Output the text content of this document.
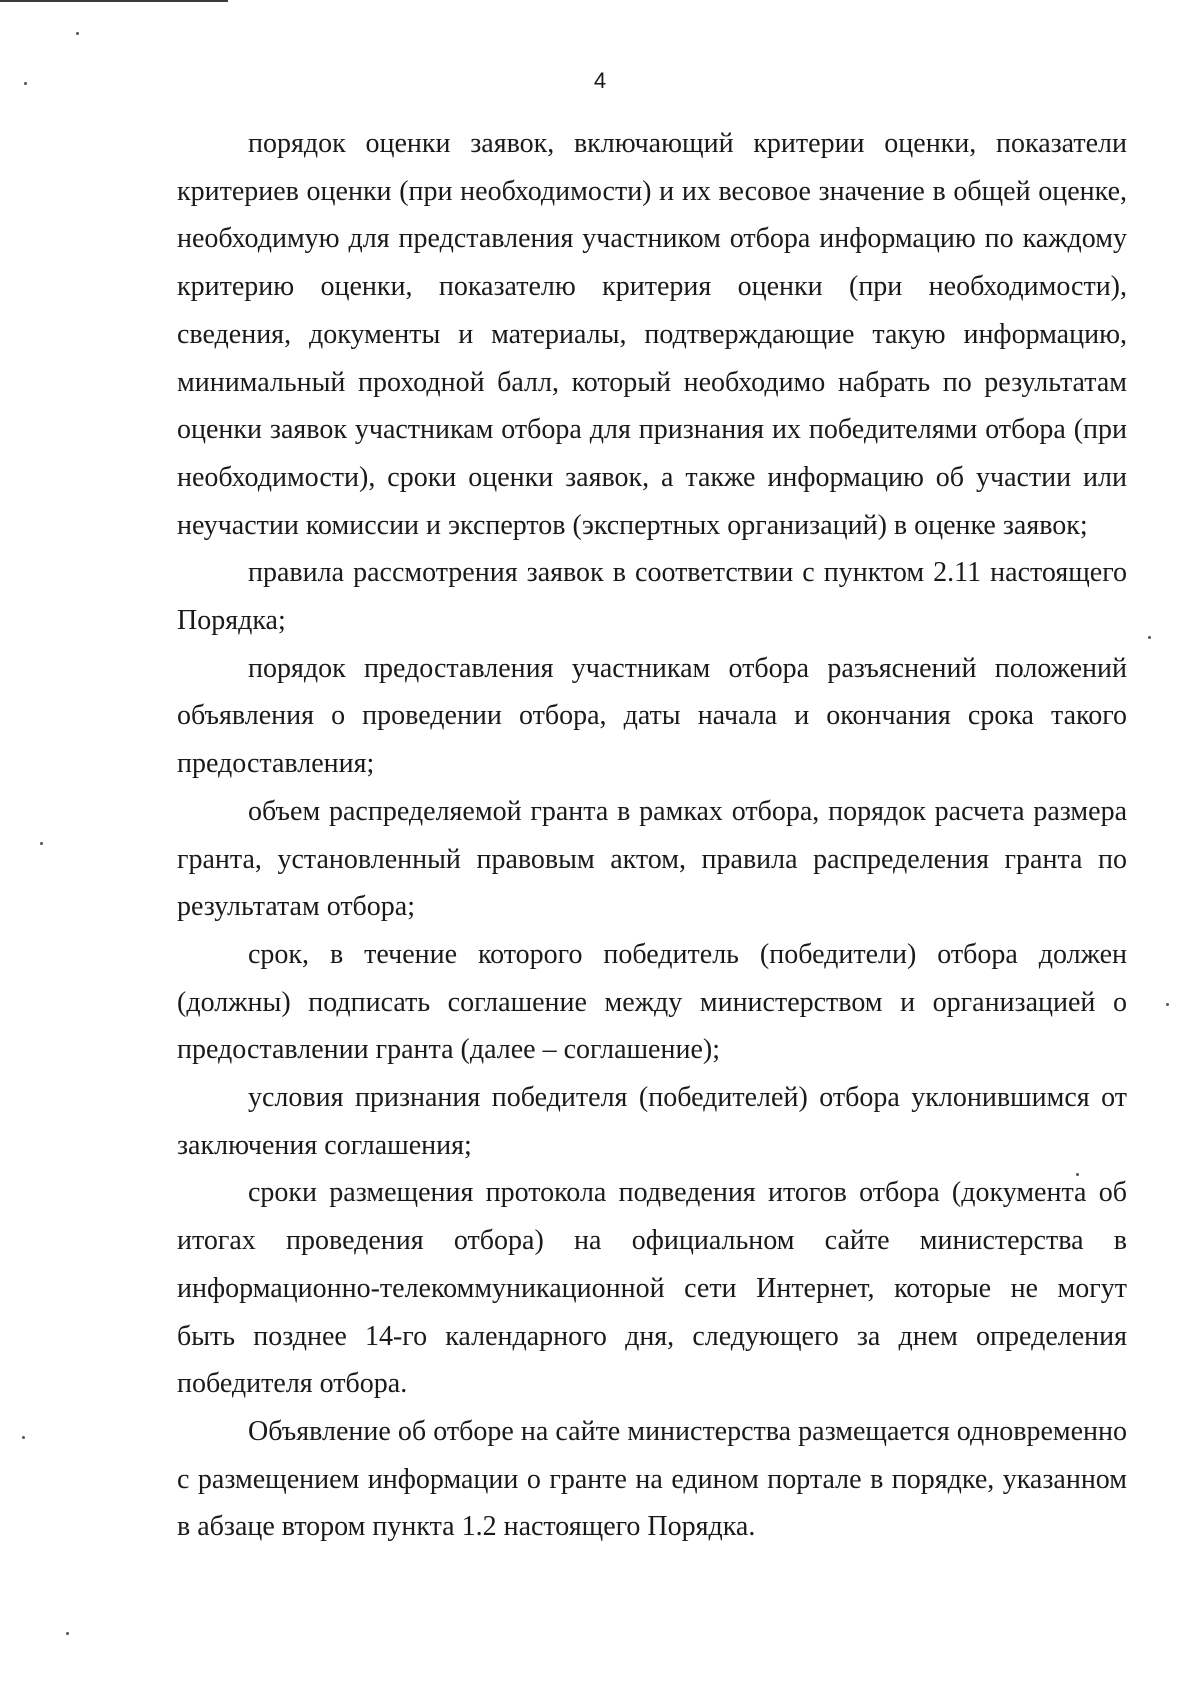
4

порядок оценки заявок, включающий критерии оценки, показатели критериев оценки (при необходимости) и их весовое значение в общей оценке, необходимую для представления участником отбора информацию по каждому критерию оценки, показателю критерия оценки (при необходимости), сведения, документы и материалы, подтверждающие такую информацию, минимальный проходной балл, который необходимо набрать по результатам оценки заявок участникам отбора для признания их победителями отбора (при необходимости), сроки оценки заявок, а также информацию об участии или неучастии комиссии и экспертов (экспертных организаций) в оценке заявок;

правила рассмотрения заявок в соответствии с пунктом 2.11 настоящего Порядка;

порядок предоставления участникам отбора разъяснений положений объявления о проведении отбора, даты начала и окончания срока такого предоставления;

объем распределяемой гранта в рамках отбора, порядок расчета размера гранта, установленный правовым актом, правила распределения гранта по результатам отбора;

срок, в течение которого победитель (победители) отбора должен (должны) подписать соглашение между министерством и организацией о предоставлении гранта (далее – соглашение);

условия признания победителя (победителей) отбора уклонившимся от заключения соглашения;

сроки размещения протокола подведения итогов отбора (документа об итогах проведения отбора) на официальном сайте министерства в информационно-телекоммуникационной сети Интернет, которые не могут быть позднее 14-го календарного дня, следующего за днем определения победителя отбора.

Объявление об отборе на сайте министерства размещается одновременно с размещением информации о гранте на едином портале в порядке, указанном в абзаце втором пункта 1.2 настоящего Порядка.
